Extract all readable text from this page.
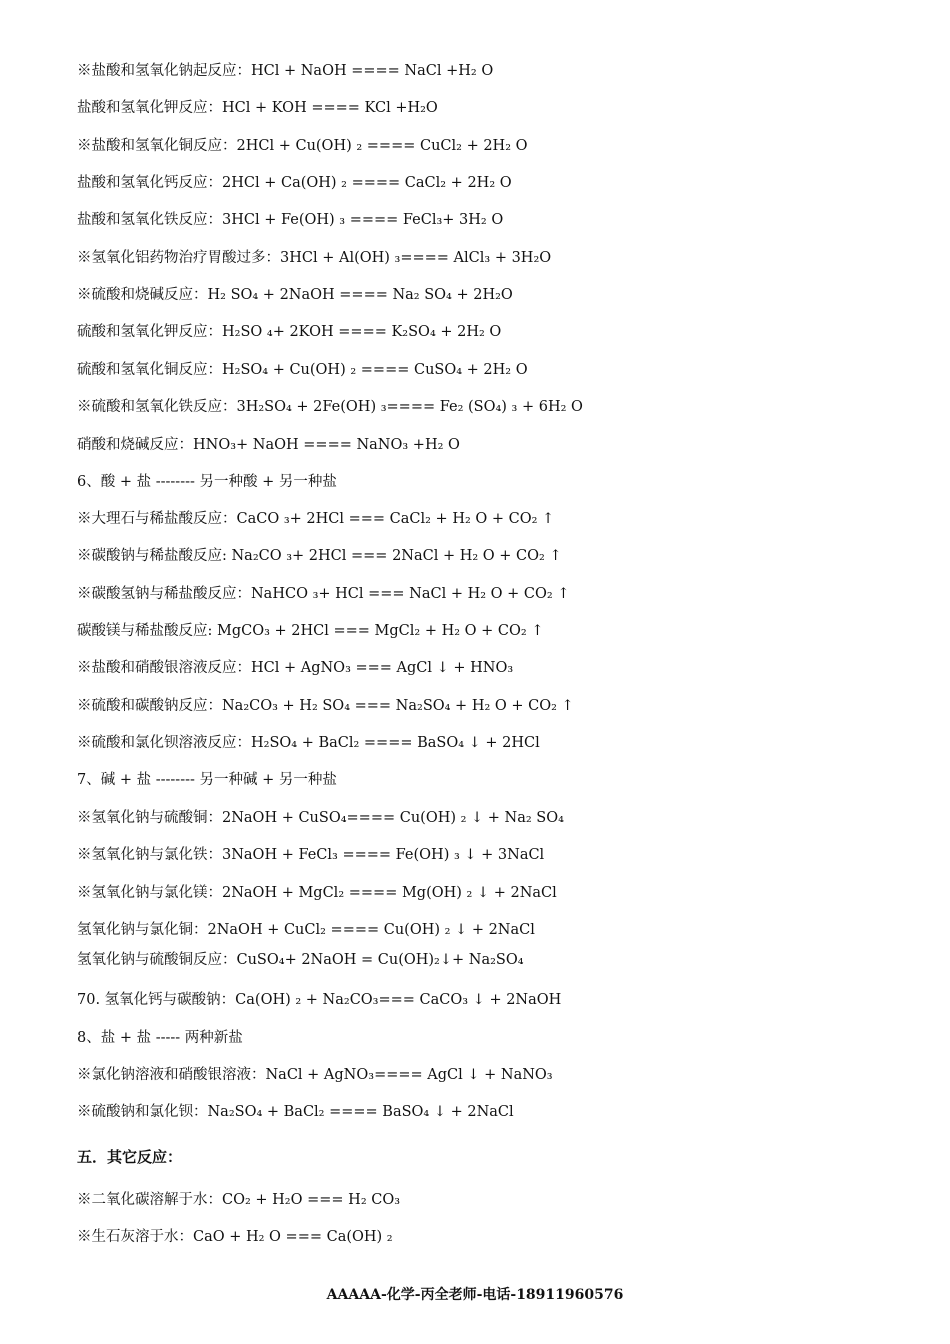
※盐酸和氢氧化钠起反应：HCl + NaOH ==== NaCl +H₂ O
盐酸和氢氧化钾反应：HCl + KOH ==== KCl +H₂O
※盐酸和氢氧化铜反应：2HCl + Cu(OH) ₂ ==== CuCl₂ + 2H₂ O
盐酸和氢氧化钙反应：2HCl + Ca(OH) ₂ ==== CaCl₂ + 2H₂ O
盐酸和氢氧化铁反应：3HCl + Fe(OH) ₃ ==== FeCl₃+ 3H₂ O
※氢氧化铝药物治疗胃酸过多：3HCl + Al(OH) ₃==== AlCl₃ + 3H₂O
※硫酸和烧碱反应：H₂ SO₄ + 2NaOH ==== Na₂ SO₄ + 2H₂O
硫酸和氢氧化钾反应：H₂SO ₄+ 2KOH ==== K₂SO₄ + 2H₂ O
硫酸和氢氧化铜反应：H₂SO₄ + Cu(OH) ₂ ==== CuSO₄ + 2H₂ O
※硫酸和氢氧化铁反应：3H₂SO₄ + 2Fe(OH) ₃==== Fe₂ (SO₄) ₃ + 6H₂ O
硝酸和烧碱反应：HNO₃+ NaOH ==== NaNO₃ +H₂ O
6、酸 + 盐 -------- 另一种酸 + 另一种盐
※大理石与稀盐酸反应：CaCO ₃+ 2HCl === CaCl₂ + H₂ O + CO₂ ↑
※碳酸钠与稀盐酸反应: Na₂CO ₃+ 2HCl === 2NaCl + H₂ O + CO₂ ↑
※碳酸氢钠与稀盐酸反应：NaHCO ₃+ HCl === NaCl + H₂ O + CO₂ ↑
碳酸镁与稀盐酸反应: MgCO₃ + 2HCl === MgCl₂ + H₂ O + CO₂ ↑
※盐酸和硝酸银溶液反应：HCl + AgNO₃ === AgCl ↓ + HNO₃
※硫酸和碳酸钠反应：Na₂CO₃ + H₂ SO₄ === Na₂SO₄ + H₂ O + CO₂ ↑
※硫酸和氯化钡溶液反应：H₂SO₄ + BaCl₂ ==== BaSO₄ ↓ + 2HCl
7、碱 + 盐 -------- 另一种碱 + 另一种盐
※氢氧化钠与硫酸铜：2NaOH + CuSO₄==== Cu(OH) ₂ ↓ + Na₂ SO₄
※氢氧化钠与氯化铁：3NaOH + FeCl₃ ==== Fe(OH) ₃ ↓ + 3NaCl
※氢氧化钠与氯化镁：2NaOH + MgCl₂ ==== Mg(OH) ₂ ↓ + 2NaCl
氢氧化钠与氯化铜：2NaOH + CuCl₂ ==== Cu(OH) ₂ ↓ + 2NaCl
氢氧化钠与硫酸铜反应：CuSO₄+ 2NaOH = Cu(OH)₂↓+ Na₂SO₄
70. 氢氧化钙与碳酸钠：Ca(OH) ₂ + Na₂CO₃=== CaCO₃ ↓ + 2NaOH
8、盐 + 盐 ----- 两种新盐
※氯化钠溶液和硝酸银溶液：NaCl + AgNO₃==== AgCl ↓ + NaNO₃
※硫酸钠和氯化钡：Na₂SO₄ + BaCl₂ ==== BaSO₄ ↓ + 2NaCl
五．其它反应：
※二氧化碳溶解于水：CO₂ + H₂O === H₂ CO₃
※生石灰溶于水：CaO + H₂ O === Ca(OH) ₂
AAAAA-化学-丙全老师-电话-18911960576
